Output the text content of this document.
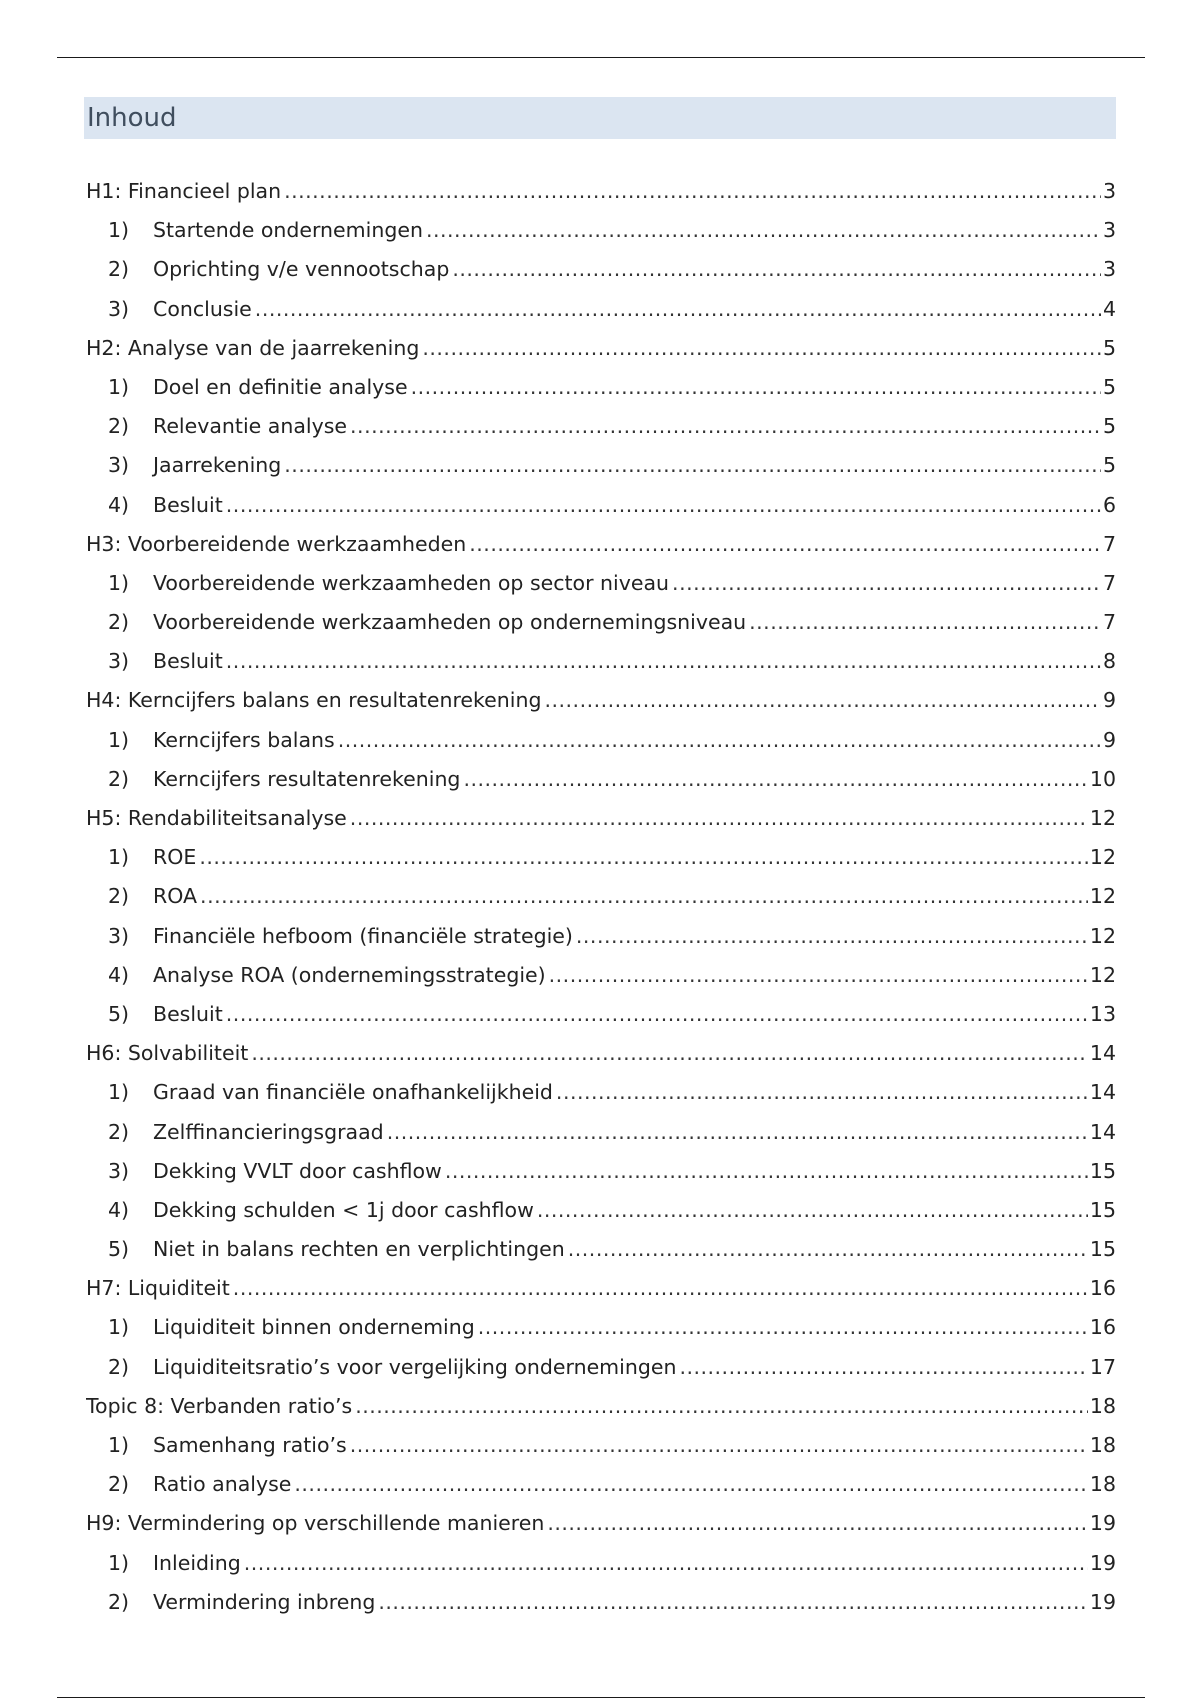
Inhoud
H1: Financieel plan .....	3
1)	Startende ondernemingen .....	3
2)	Oprichting v/e vennootschap .....	3
3)	Conclusie .....	4
H2: Analyse van de jaarrekening .....	5
1)	Doel en definitie analyse .....	5
2)	Relevantie analyse .....	5
3)	Jaarrekening .....	5
4)	Besluit .....	6
H3: Voorbereidende werkzaamheden .....	7
1)	Voorbereidende werkzaamheden op sector niveau .....	7
2)	Voorbereidende werkzaamheden op ondernemingsniveau .....	7
3)	Besluit .....	8
H4: Kerncijfers balans en resultatenrekening .....	9
1)	Kerncijfers balans .....	9
2)	Kerncijfers resultatenrekening .....	10
H5: Rendabiliteitsanalyse .....	12
1)	ROE .....	12
2)	ROA .....	12
3)	Financiële hefboom (financiële strategie) .....	12
4)	Analyse ROA (ondernemingsstrategie) .....	12
5)	Besluit .....	13
H6: Solvabiliteit .....	14
1)	Graad van financiële onafhankelijkheid .....	14
2)	Zelffinancieringsgraad .....	14
3)	Dekking VVLT door cashflow .....	15
4)	Dekking schulden < 1j door cashflow .....	15
5)	Niet in balans rechten en verplichtingen .....	15
H7: Liquiditeit .....	16
1)	Liquiditeit binnen onderneming .....	16
2)	Liquiditeitsratio’s voor vergelijking ondernemingen .....	17
Topic 8: Verbanden ratio’s .....	18
1)	Samenhang ratio’s .....	18
2)	Ratio analyse .....	18
H9: Vermindering op verschillende manieren .....	19
1)	Inleiding .....	19
2)	Vermindering inbreng .....	19
